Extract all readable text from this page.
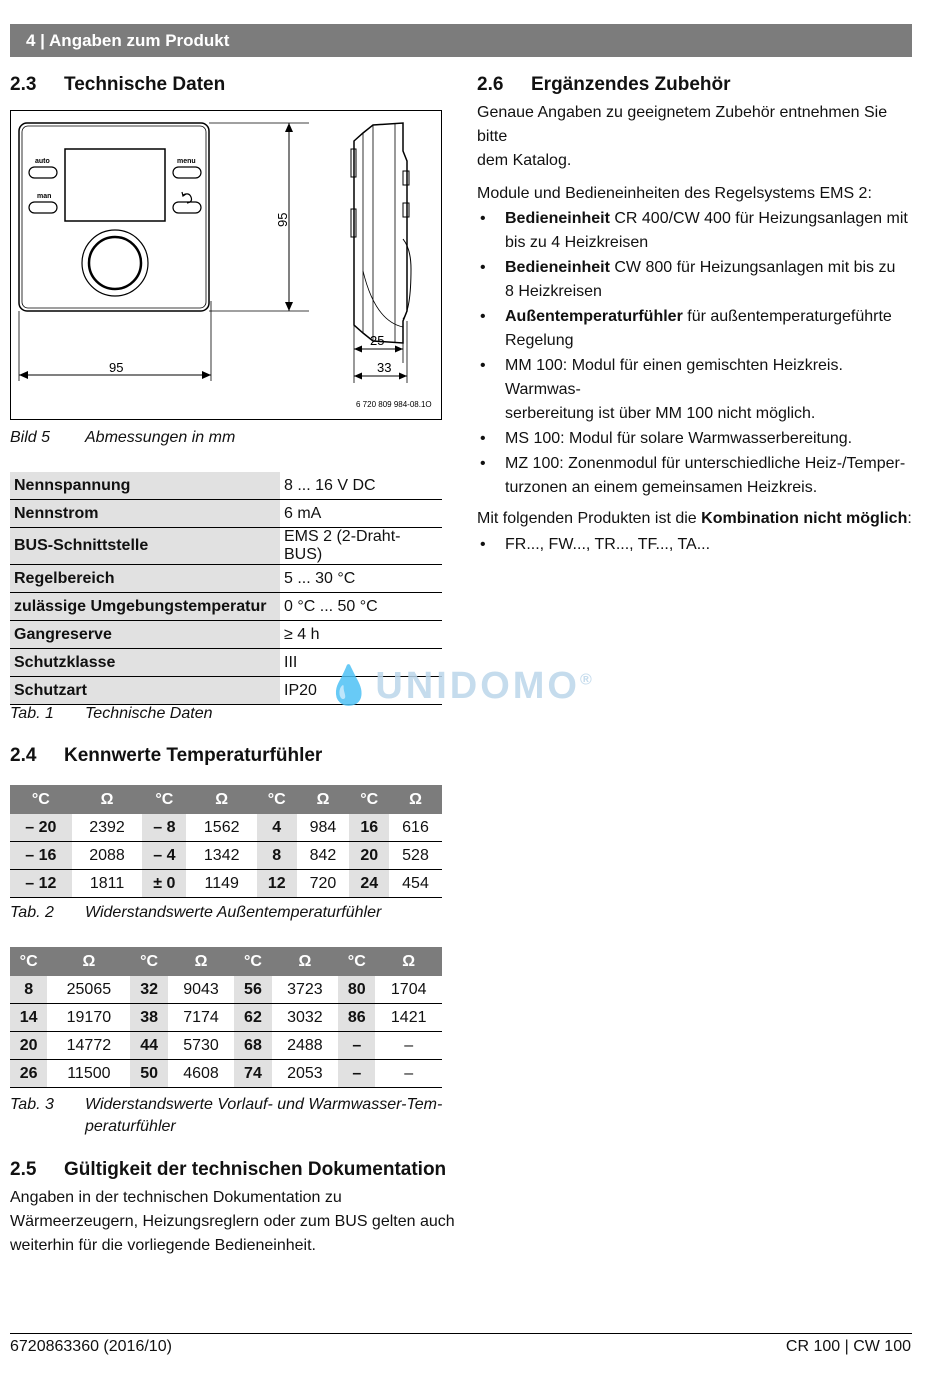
4 | Angaben zum Produkt
2.3 Technische Daten
auto
man
menu
95
95
25
33
6 720 809 984-08.1O
Bild 5 Abmessungen in mm
Nennspannung	8 ... 16 V DC
Nennstrom	6 mA
BUS-Schnittstelle	EMS 2 (2-Draht-BUS)
Regelbereich	5 ... 30 °C
zulässige Umgebungstemperatur	0 °C ... 50 °C
Gangreserve	≥ 4 h
Schutzklasse	III
Schutzart	IP20
Tab. 1 Technische Daten
💧UNIDOMO®
2.4 Kennwerte Temperaturfühler
°C	Ω	°C	Ω	°C	Ω	°C	Ω
– 20	2392	– 8	1562	4	984	16	616
– 16	2088	– 4	1342	8	842	20	528
– 12	1811	± 0	1149	12	720	24	454
Tab. 2 Widerstandswerte Außentemperaturfühler
°C	Ω	°C	Ω	°C	Ω	°C	Ω
8	25065	32	9043	56	3723	80	1704
14	19170	38	7174	62	3032	86	1421
20	14772	44	5730	68	2488	–	–
26	11500	50	4608	74	2053	–	–
Tab. 3 Widerstandswerte Vorlauf- und Warmwasser-Tem-
peraturfühler
2.5 Gültigkeit der technischen Dokumentation
Angaben in der technischen Dokumentation zu
Wärmeerzeugern, Heizungsreglern oder zum BUS gelten auch
weiterhin für die vorliegende Bedieneinheit.
2.6 Ergänzendes Zubehör
Genaue Angaben zu geeignetem Zubehör entnehmen Sie bitte
dem Katalog.
Module und Bedieneinheiten des Regelsystems EMS 2:
• Bedieneinheit CR 400/CW 400 für Heizungsanlagen mit
bis zu 4 Heizkreisen
• Bedieneinheit CW 800 für Heizungsanlagen mit bis zu
8 Heizkreisen
• Außentemperaturfühler für außentemperaturgeführte
Regelung
• MM 100: Modul für einen gemischten Heizkreis. Warmwas-
serbereitung ist über MM 100 nicht möglich.
• MS 100: Modul für solare Warmwasserbereitung.
• MZ 100: Zonenmodul für unterschiedliche Heiz-/Temper-
turzonen an einem gemeinsamen Heizkreis.
Mit folgenden Produkten ist die Kombination nicht möglich:
• FR..., FW..., TR..., TF..., TA...
6720863360 (2016/10)	CR 100 | CW 100
